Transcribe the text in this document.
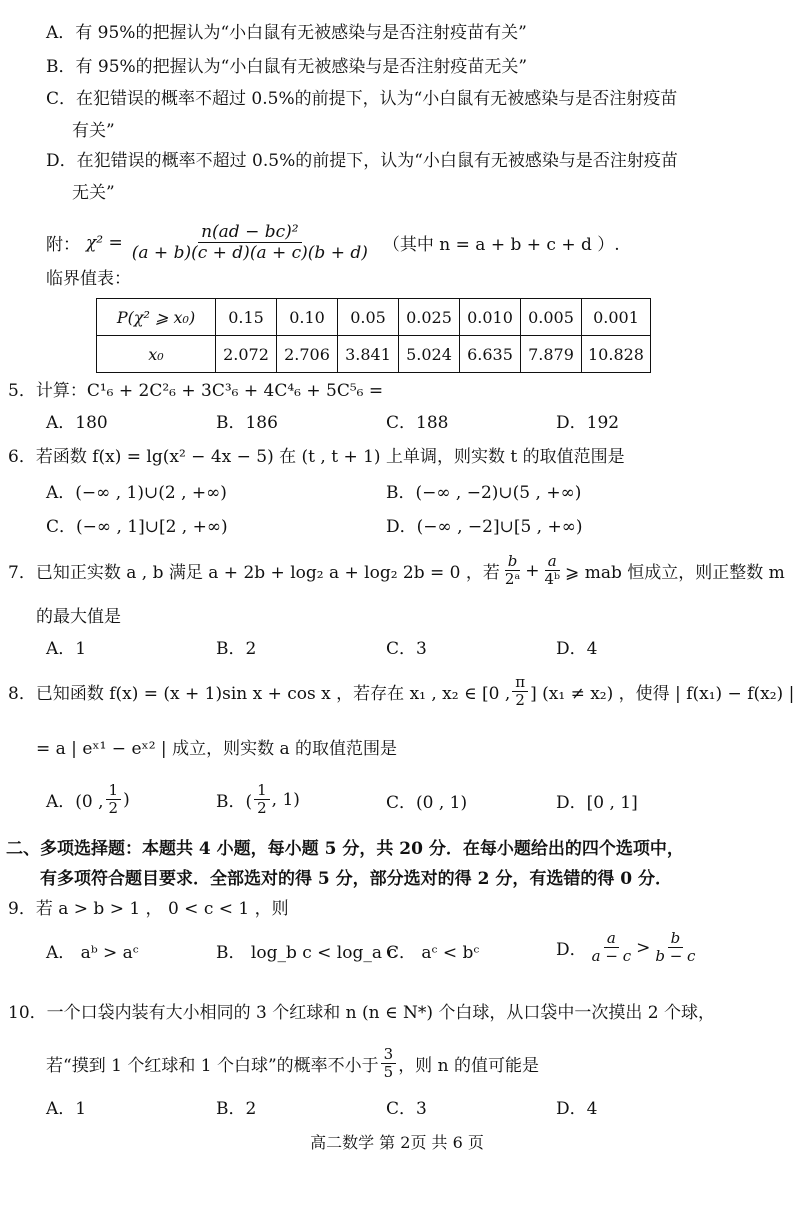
A．有 95%的把握认为“小白鼠有无被感染与是否注射疫苗有关”
B．有 95%的把握认为“小白鼠有无被感染与是否注射疫苗无关”
C．在犯错误的概率不超过 0.5%的前提下，认为“小白鼠有无被感染与是否注射疫苗
有关”
D．在犯错误的概率不超过 0.5%的前提下，认为“小白鼠有无被感染与是否注射疫苗
无关”
附： $\chi^2 = \frac{\text{n(ad − bc)²}}{(a + b)(c + d)(a + c)(b + d)}$ （其中 n = a + b + c + d ）.
临界值表：
P(χ² ⩾ x₀)	0.15	0.10	0.05	0.025	0.010	0.005	0.001
x₀	2.072	2.706	3.841	5.024	6.635	7.879	10.828
5．计算：C¹₆ + 2C²₆ + 3C³₆ + 4C⁴₆ + 5C⁵₆ =
A．180	B．186	C．188	D．192
6．若函数 f(x) = lg(x² − 4x − 5) 在 (t , t + 1) 上单调，则实数 t 的取值范围是
A．(−∞ , 1)∪(2 , +∞)	B．(−∞ , −2)∪(5 , +∞)
C．(−∞ , 1]∪[2 , +∞)	D．(−∞ , −2]∪[5 , +∞)
7．已知正实数 a , b 满足 a + 2b + log₂ a + log₂ 2b = 0 ，若 $\frac{b}{\text{2ᵃ}} + \frac{a}{\text{4ᵇ}}$ ⩾ mab 恒成立，则正整数 m
的最大值是
A．1	B．2	C．3	D．4
8．已知函数 f(x) = (x + 1)sin x + cos x ，若存在 x₁ , x₂ ∈ [0 , $\frac{\pi}{2}$ ] (x₁ ≠ x₂) ，使得 | f(x₁) − f(x₂) |
= a | eˣ¹ − eˣ² | 成立，则实数 a 的取值范围是
A．(0 , $\frac{1}{2}$ )	B．( $\frac{1}{2}$ , 1)	C．(0 , 1)	D．[0 , 1]
二、多项选择题：本题共 4 小题，每小题 5 分，共 20 分．在每小题给出的四个选项中，
有多项符合题目要求．全部选对的得 5 分，部分选对的得 2 分，有选错的得 0 分．
9．若 a > b > 1 ， 0 < c < 1 ，则
A． aᵇ > aᶜ	B． log_b c < log_a c
C． aᶜ < bᶜ	D． $\frac{a}{a - c} > \frac{b}{b - c}$
10．一个口袋内装有大小相同的 3 个红球和 n (n ∈ N*) 个白球，从口袋中一次摸出 2 个球，
若“摸到 1 个红球和 1 个白球”的概率不小于 $\frac{3}{5}$ ，则 n 的值可能是
A．1	B．2	C．3	D．4
高二数学 第 2页 共 6 页
